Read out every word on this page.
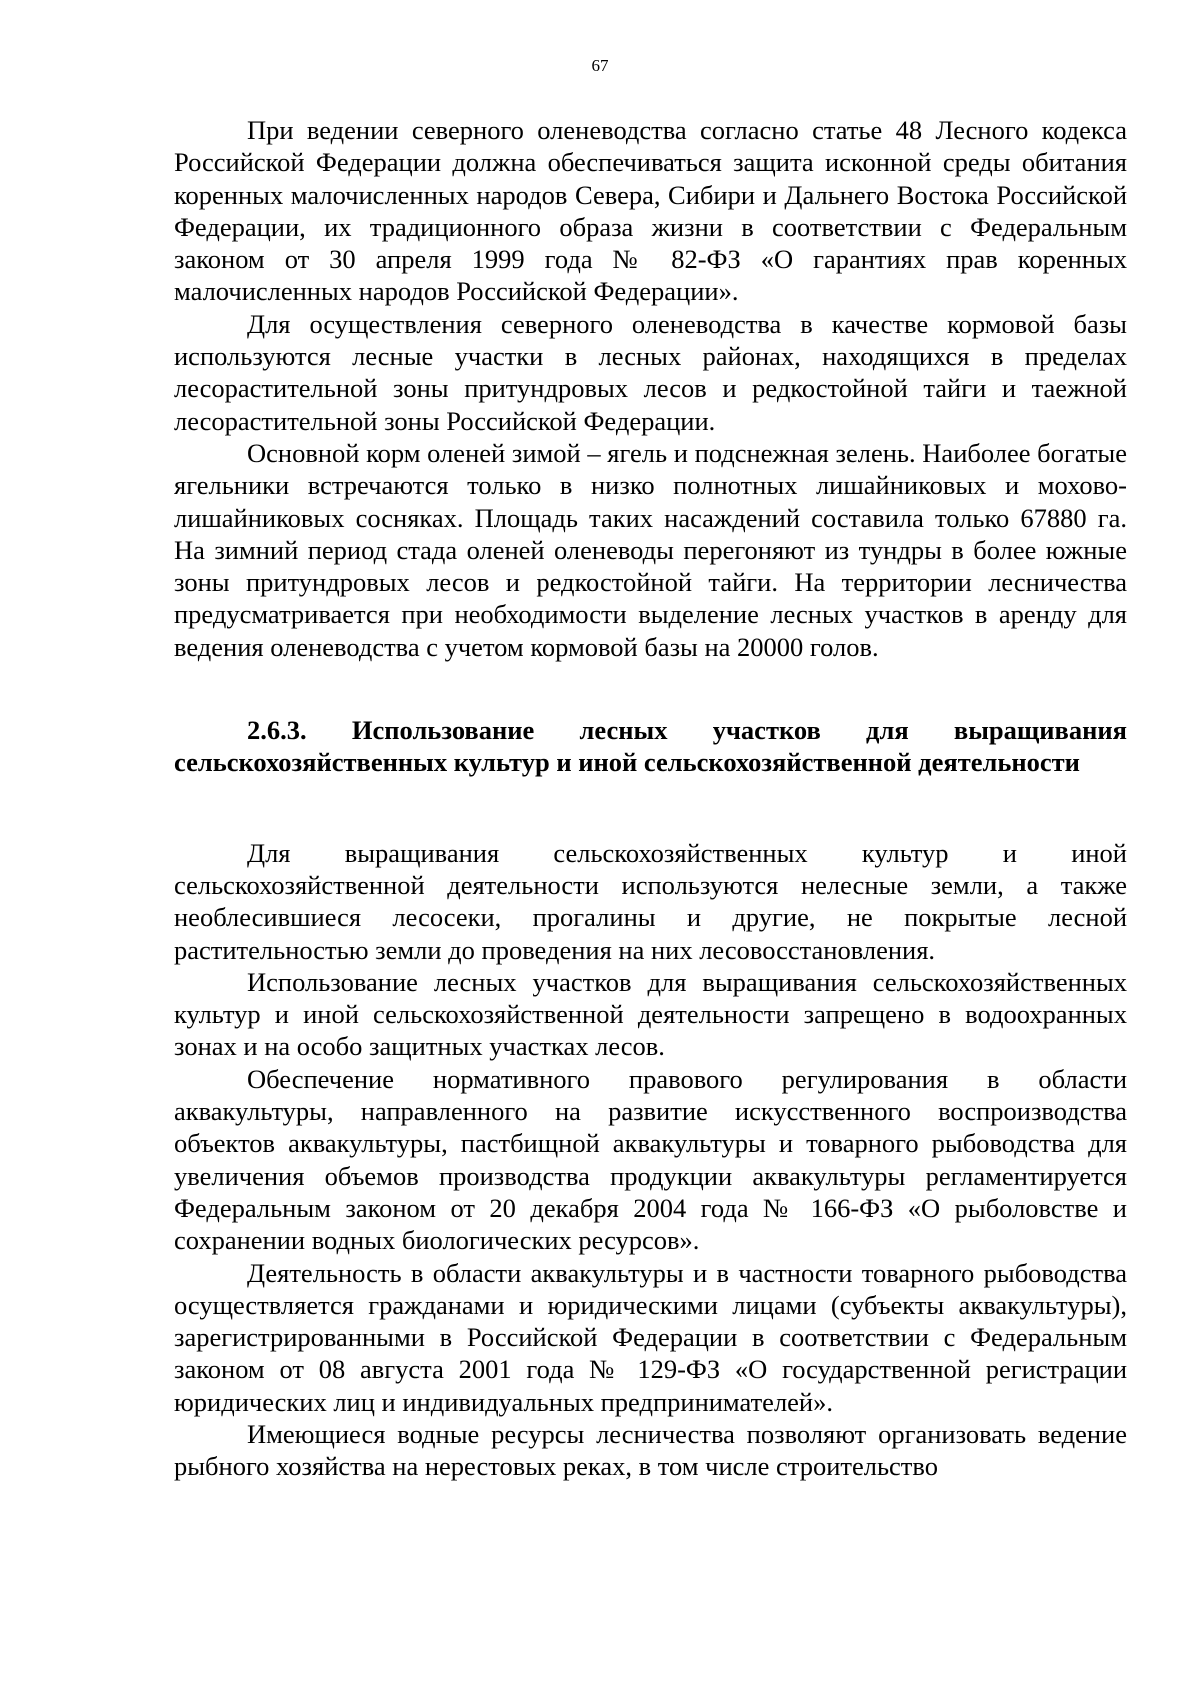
67

При ведении северного оленеводства согласно статье 48 Лесного кодекса Российской Федерации должна обеспечиваться защита исконной среды обитания коренных малочисленных народов Севера, Сибири и Дальнего Востока Российской Федерации, их традиционного образа жизни в соответствии с Федеральным законом от 30 апреля 1999 года № 82-ФЗ «О гарантиях прав коренных малочисленных народов Российской Федерации».

Для осуществления северного оленеводства в качестве кормовой базы используются лесные участки в лесных районах, находящихся в пределах лесорастительной зоны притундровых лесов и редкостойной тайги и таежной лесорастительной зоны Российской Федерации.

Основной корм оленей зимой – ягель и подснежная зелень. Наиболее богатые ягельники встречаются только в низко полнотных лишайниковых и мохово-лишайниковых сосняках. Площадь таких насаждений составила только 67880 га. На зимний период стада оленей оленеводы перегоняют из тундры в более южные зоны притундровых лесов и редкостойной тайги. На территории лесничества предусматривается при необходимости выделение лесных участков в аренду для ведения оленеводства с учетом кормовой базы на 20000 голов.

2.6.3. Использование лесных участков для выращивания сельскохозяйственных культур и иной сельскохозяйственной деятельности

Для выращивания сельскохозяйственных культур и иной сельскохозяйственной деятельности используются нелесные земли, а также необлесившиеся лесосеки, прогалины и другие, не покрытые лесной растительностью земли до проведения на них лесовосстановления.

Использование лесных участков для выращивания сельскохозяйственных культур и иной сельскохозяйственной деятельности запрещено в водоохранных зонах и на особо защитных участках лесов.

Обеспечение нормативного правового регулирования в области аквакультуры, направленного на развитие искусственного воспроизводства объектов аквакультуры, пастбищной аквакультуры и товарного рыбоводства для увеличения объемов производства продукции аквакультуры регламентируется Федеральным законом от 20 декабря 2004 года № 166-ФЗ «О рыболовстве и сохранении водных биологических ресурсов».

Деятельность в области аквакультуры и в частности товарного рыбоводства осуществляется гражданами и юридическими лицами (субъекты аквакультуры), зарегистрированными в Российской Федерации в соответствии с Федеральным законом от 08 августа 2001 года № 129-ФЗ «О государственной регистрации юридических лиц и индивидуальных предпринимателей».

Имеющиеся водные ресурсы лесничества позволяют организовать ведение рыбного хозяйства на нерестовых реках, в том числе строительство
